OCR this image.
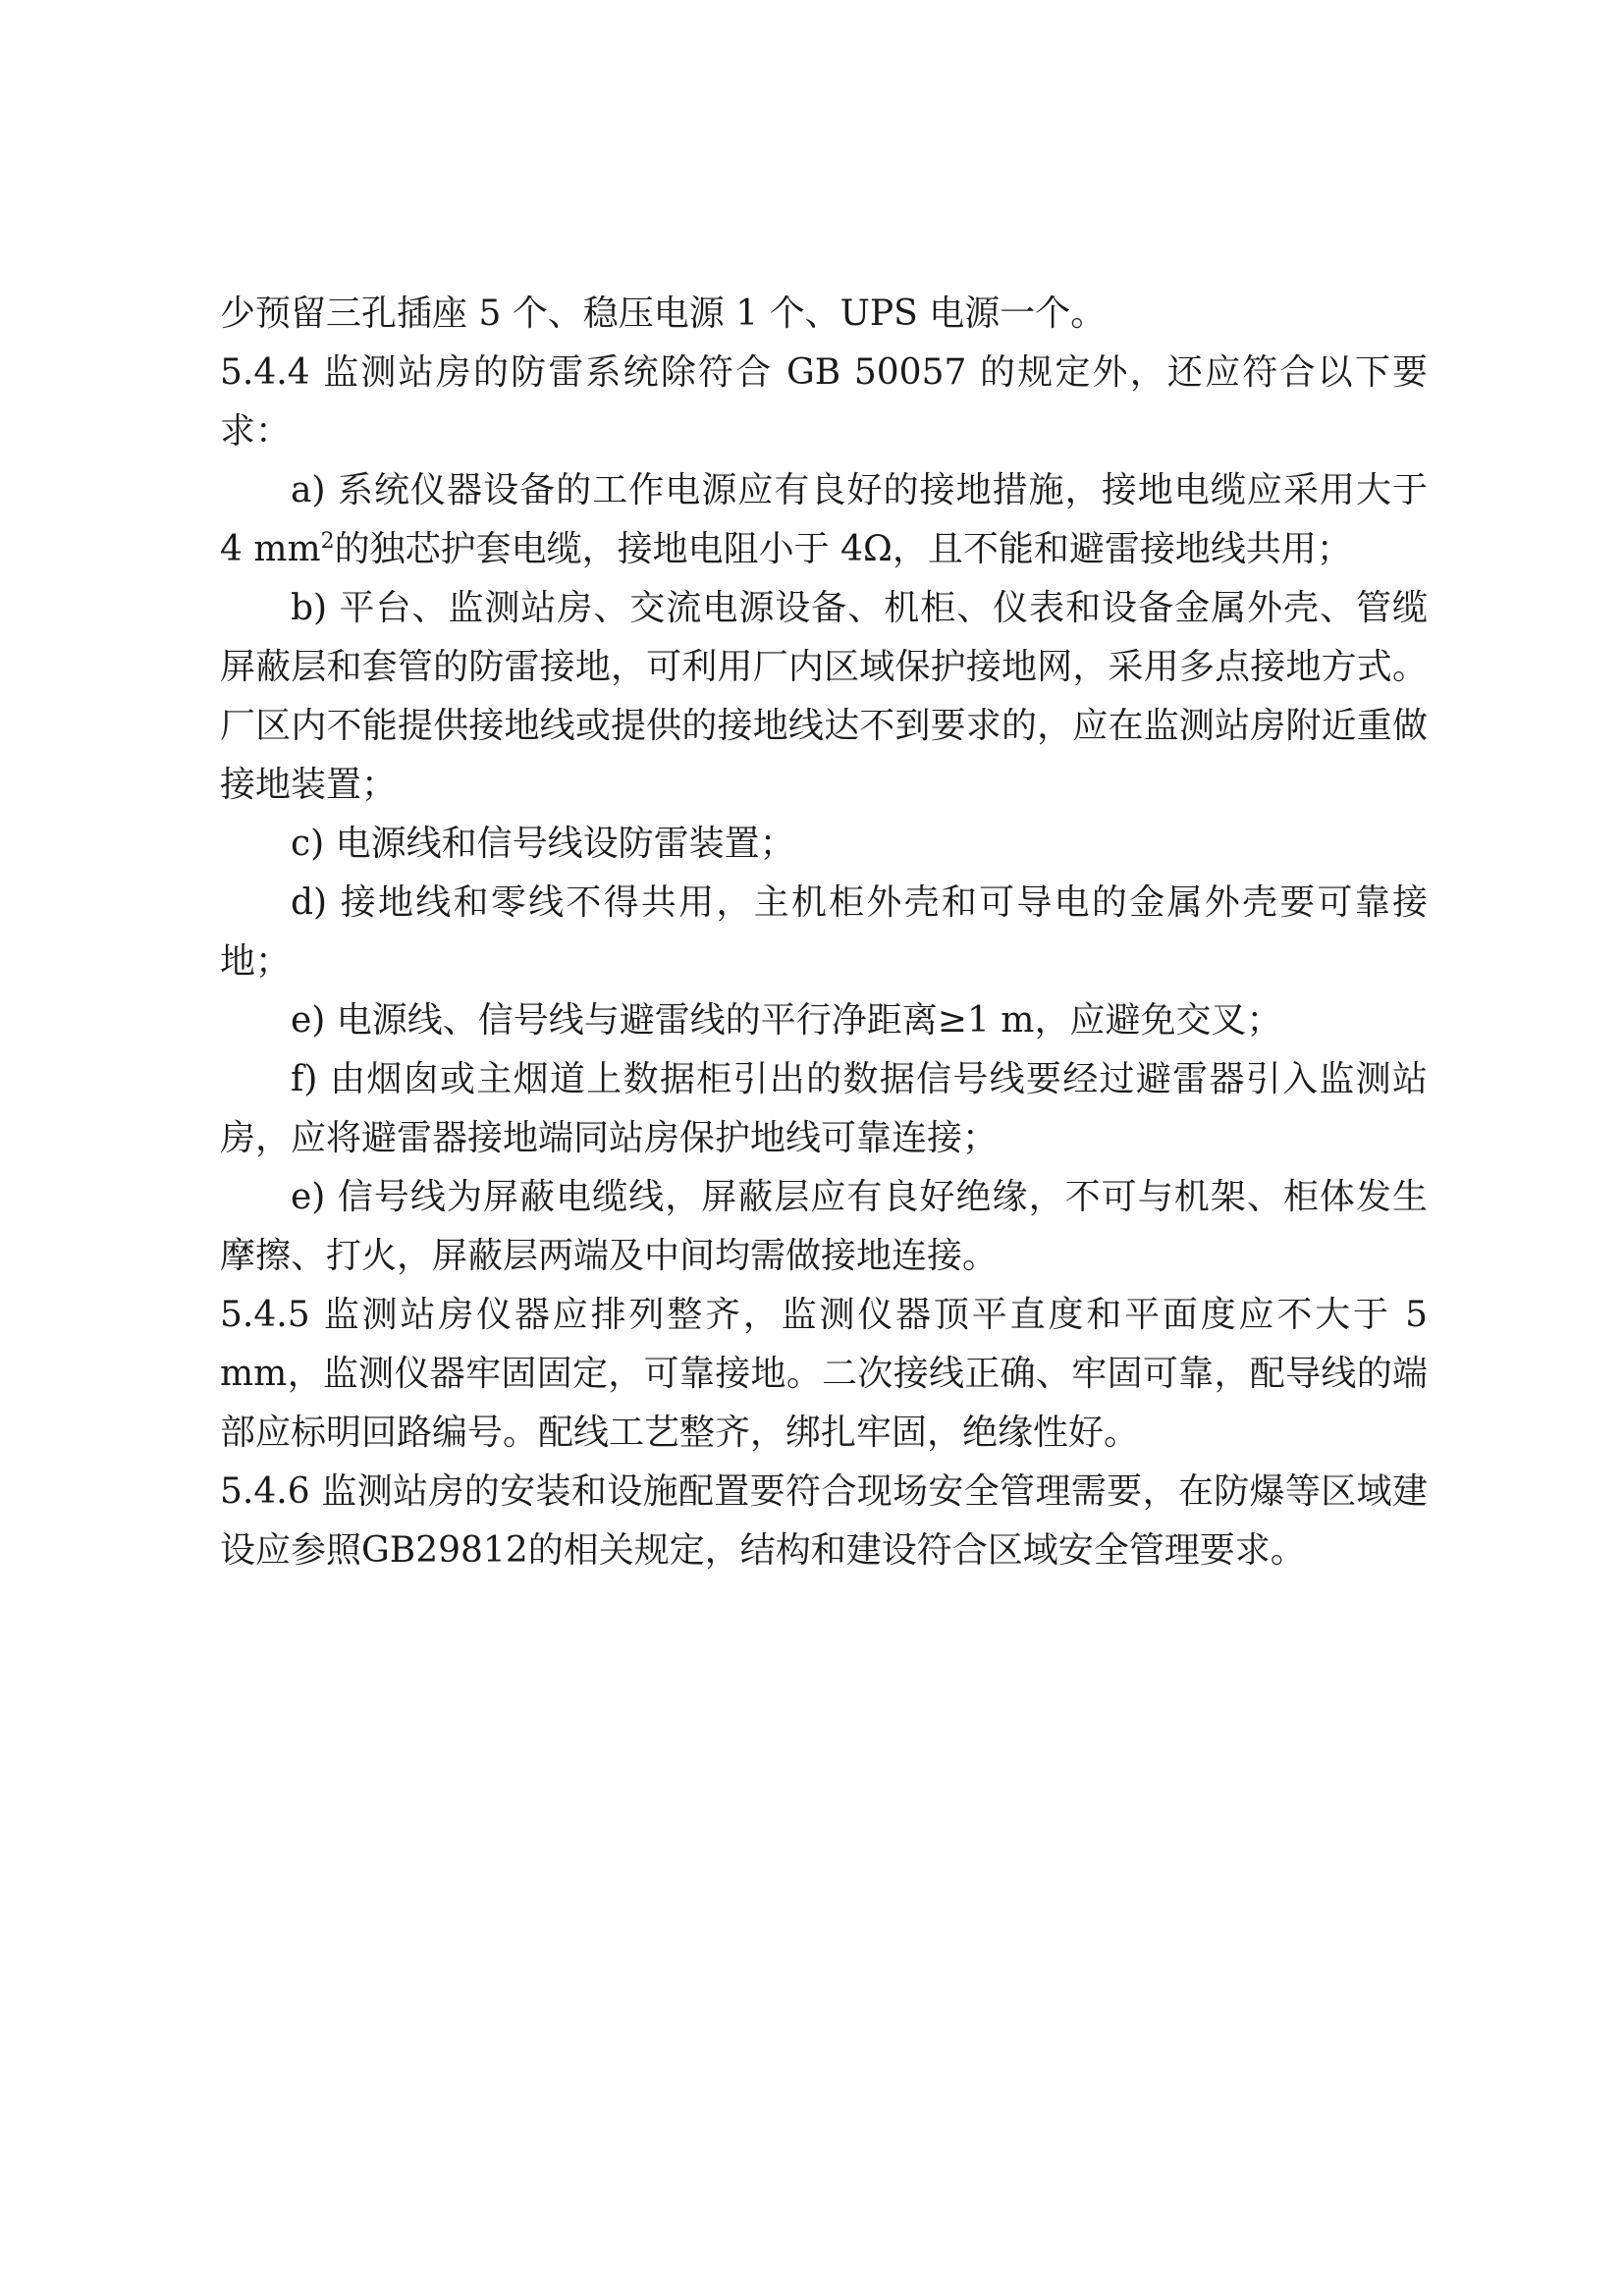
少预留三孔插座 5 个、稳压电源 1 个、UPS 电源一个。

5.4.4 监测站房的防雷系统除符合 GB 50057 的规定外，还应符合以下要求：

a) 系统仪器设备的工作电源应有良好的接地措施，接地电缆应采用大于 4 $mm^2$的独芯护套电缆，接地电阻小于 4Ω，且不能和避雷接地线共用；

b) 平台、监测站房、交流电源设备、机柜、仪表和设备金属外壳、管缆屏蔽层和套管的防雷接地，可利用厂内区域保护接地网，采用多点接地方式。厂区内不能提供接地线或提供的接地线达不到要求的，应在监测站房附近重做接地装置；

c) 电源线和信号线设防雷装置；

d) 接地线和零线不得共用，主机柜外壳和可导电的金属外壳要可靠接地；

e) 电源线、信号线与避雷线的平行净距离≥1 m，应避免交叉；

f) 由烟囱或主烟道上数据柜引出的数据信号线要经过避雷器引入监测站房，应将避雷器接地端同站房保护地线可靠连接；

e) 信号线为屏蔽电缆线，屏蔽层应有良好绝缘，不可与机架、柜体发生摩擦、打火，屏蔽层两端及中间均需做接地连接。

5.4.5 监测站房仪器应排列整齐，监测仪器顶平直度和平面度应不大于 5 mm，监测仪器牢固固定，可靠接地。二次接线正确、牢固可靠，配导线的端部应标明回路编号。配线工艺整齐，绑扎牢固，绝缘性好。

5.4.6 监测站房的安装和设施配置要符合现场安全管理需要，在防爆等区域建设应参照GB29812的相关规定，结构和建设符合区域安全管理要求。
